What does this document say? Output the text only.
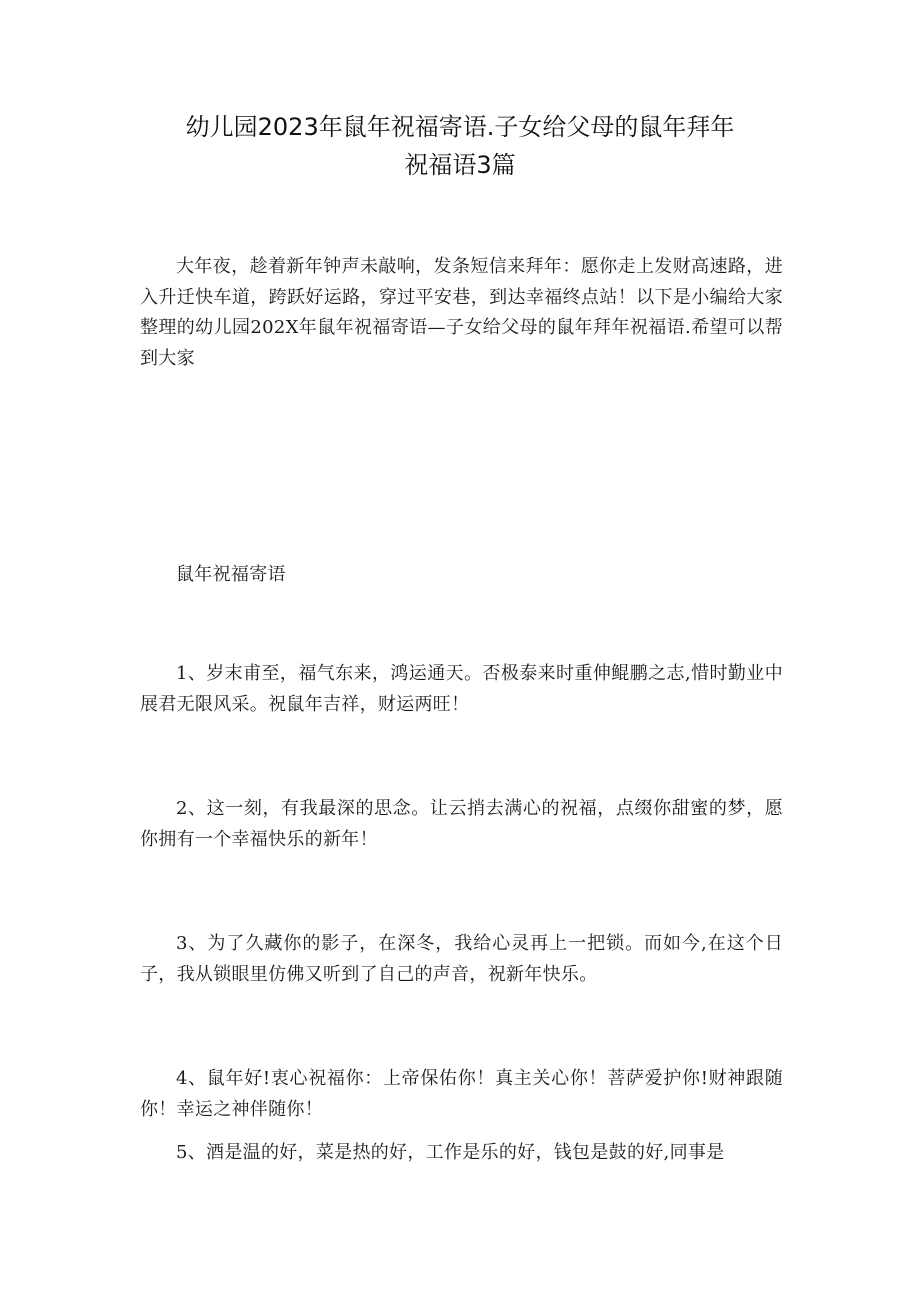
幼儿园2023年鼠年祝福寄语.子女给父母的鼠年拜年
祝福语3篇

大年夜，趁着新年钟声未敲响，发条短信来拜年：愿你走上发财高速路，进入升迁快车道，跨跃好运路，穿过平安巷，到达幸福终点站！以下是小编给大家整理的幼儿园202X年鼠年祝福寄语—子女给父母的鼠年拜年祝福语.希望可以帮到大家

鼠年祝福寄语

1、岁末甫至，福气东来，鸿运通天。否极泰来时重伸鲲鹏之志,惜时勤业中展君无限风采。祝鼠年吉祥，财运两旺！

2、这一刻，有我最深的思念。让云捎去满心的祝福，点缀你甜蜜的梦，愿你拥有一个幸福快乐的新年！

3、为了久藏你的影子，在深冬，我给心灵再上一把锁。而如今,在这个日子，我从锁眼里仿佛又听到了自己的声音，祝新年快乐。

4、鼠年好!衷心祝福你：上帝保佑你！真主关心你！菩萨爱护你!财神跟随你！幸运之神伴随你！

5、酒是温的好，菜是热的好，工作是乐的好，钱包是鼓的好,同事是
